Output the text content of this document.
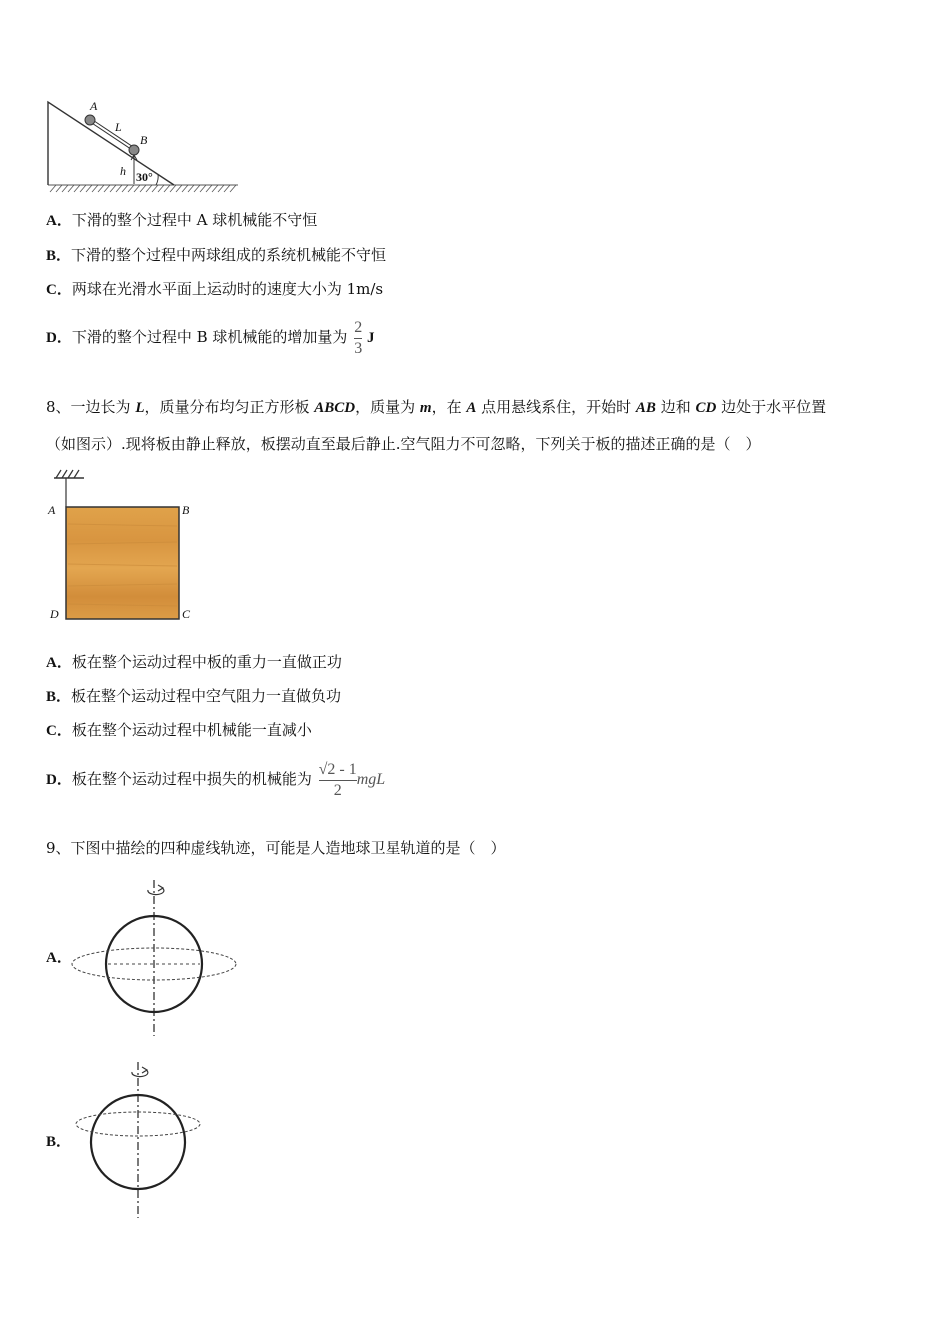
A
L
B
h 30°
A．下滑的整个过程中 A 球机械能不守恒
B．下滑的整个过程中两球组成的系统机械能不守恒
C．两球在光滑水平面上运动时的速度大小为 1m/s
D．下滑的整个过程中 B 球机械能的增加量为 $\frac{2}{3}$ J
8、一边长为 L，质量分布均匀正方形板 ABCD，质量为 m，在 A 点用悬线系住，开始时 AB 边和 CD 边处于水平位置
（如图示）.现将板由静止释放，板摆动直至最后静止.空气阻力不可忽略，下列关于板的描述正确的是（　）
A	B
D	C
A．板在整个运动过程中板的重力一直做正功
B．板在整个运动过程中空气阻力一直做负功
C．板在整个运动过程中机械能一直减小
D．板在整个运动过程中损失的机械能为 $\frac{√2 - 1}{2}$ mgL
9、下图中描绘的四种虚线轨迹，可能是人造地球卫星轨道的是（　）
A．
B．
